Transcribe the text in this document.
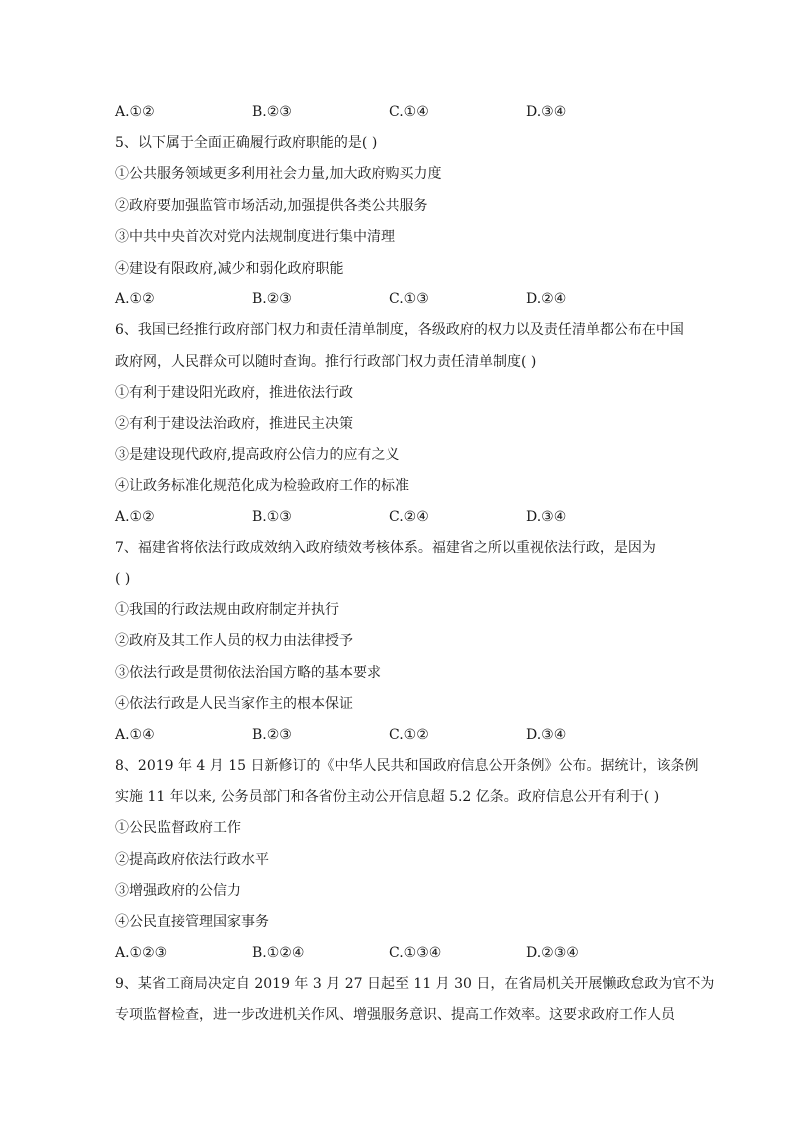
A.①②	B.②③	C.①④	D.③④
5、以下属于全面正确履行政府职能的是( )
①公共服务领域更多利用社会力量,加大政府购买力度
②政府要加强监管市场活动,加强提供各类公共服务
③中共中央首次对党内法规制度进行集中清理
④建设有限政府,减少和弱化政府职能
A.①②	B.②③	C.①③	D.②④
6、我国已经推行政府部门权力和责任清单制度，各级政府的权力以及责任清单都公布在中国
政府网，人民群众可以随时查询。推行行政部门权力责任清单制度( )
①有利于建设阳光政府，推进依法行政
②有利于建设法治政府，推进民主决策
③是建设现代政府,提高政府公信力的应有之义
④让政务标准化规范化成为检验政府工作的标准
A.①②	B.①③	C.②④	D.③④
7、福建省将依法行政成效纳入政府绩效考核体系。福建省之所以重视依法行政，是因为
( )
①我国的行政法规由政府制定并执行
②政府及其工作人员的权力由法律授予
③依法行政是贯彻依法治国方略的基本要求
④依法行政是人民当家作主的根本保证
A.①④	B.②③	C.①②	D.③④
8、2019 年 4 月 15 日新修订的《中华人民共和国政府信息公开条例》公布。据统计，该条例
实施 11 年以来, 公务员部门和各省份主动公开信息超 5.2 亿条。政府信息公开有利于( )
①公民监督政府工作
②提高政府依法行政水平
③增强政府的公信力
④公民直接管理国家事务
A.①②③	B.①②④	C.①③④	D.②③④
9、某省工商局决定自 2019 年 3 月 27 日起至 11 月 30 日，在省局机关开展懒政怠政为官不为
专项监督检查，进一步改进机关作风、增强服务意识、提高工作效率。这要求政府工作人员
